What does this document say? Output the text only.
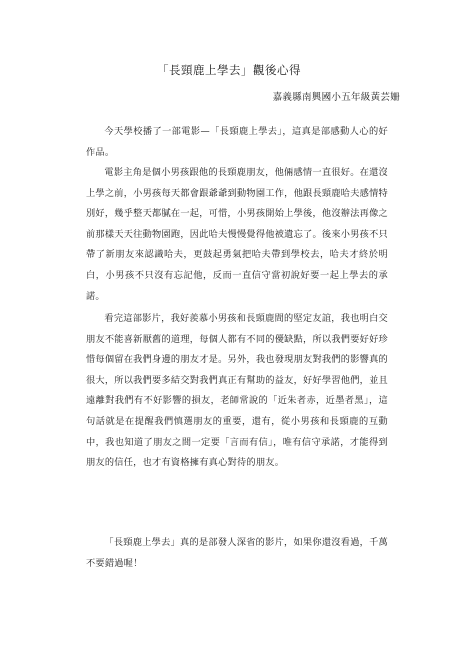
「長頸鹿上學去」觀後心得
嘉義縣南興國小五年級黃芸姍

今天學校播了一部電影—「長頸鹿上學去」，這真是部感動人心的好作品。

電影主角是個小男孩跟他的長頸鹿朋友，他倆感情一直很好。在還沒上學之前，小男孩每天都會跟爺爺到動物園工作，他跟長頸鹿哈夫感情特別好，幾乎整天都膩在一起，可惜，小男孩開始上學後，他沒辦法再像之前那樣天天往動物園跑，因此哈夫慢慢覺得他被遺忘了。後來小男孩不只帶了新朋友來認識哈夫，更鼓起勇氣把哈夫帶到學校去，哈夫才終於明白，小男孩不只沒有忘記他，反而一直信守當初說好要一起上學去的承諾。

看完這部影片，我好羨慕小男孩和長頸鹿間的堅定友誼，我也明白交朋友不能喜新厭舊的道理，每個人都有不同的優缺點，所以我們要好好珍惜每個留在我們身邊的朋友才是。另外，我也發現朋友對我們的影響真的很大，所以我們要多結交對我們真正有幫助的益友，好好學習他們，並且遠離對我們有不好影響的損友，老師常說的「近朱者赤，近墨者黑」，這句話就是在提醒我們慎選朋友的重要，還有，從小男孩和長頸鹿的互動中，我也知道了朋友之間一定要「言而有信」，唯有信守承諾，才能得到朋友的信任，也才有資格擁有真心對待的朋友。

「長頸鹿上學去」真的是部發人深省的影片，如果你還沒看過，千萬不要錯過喔！
